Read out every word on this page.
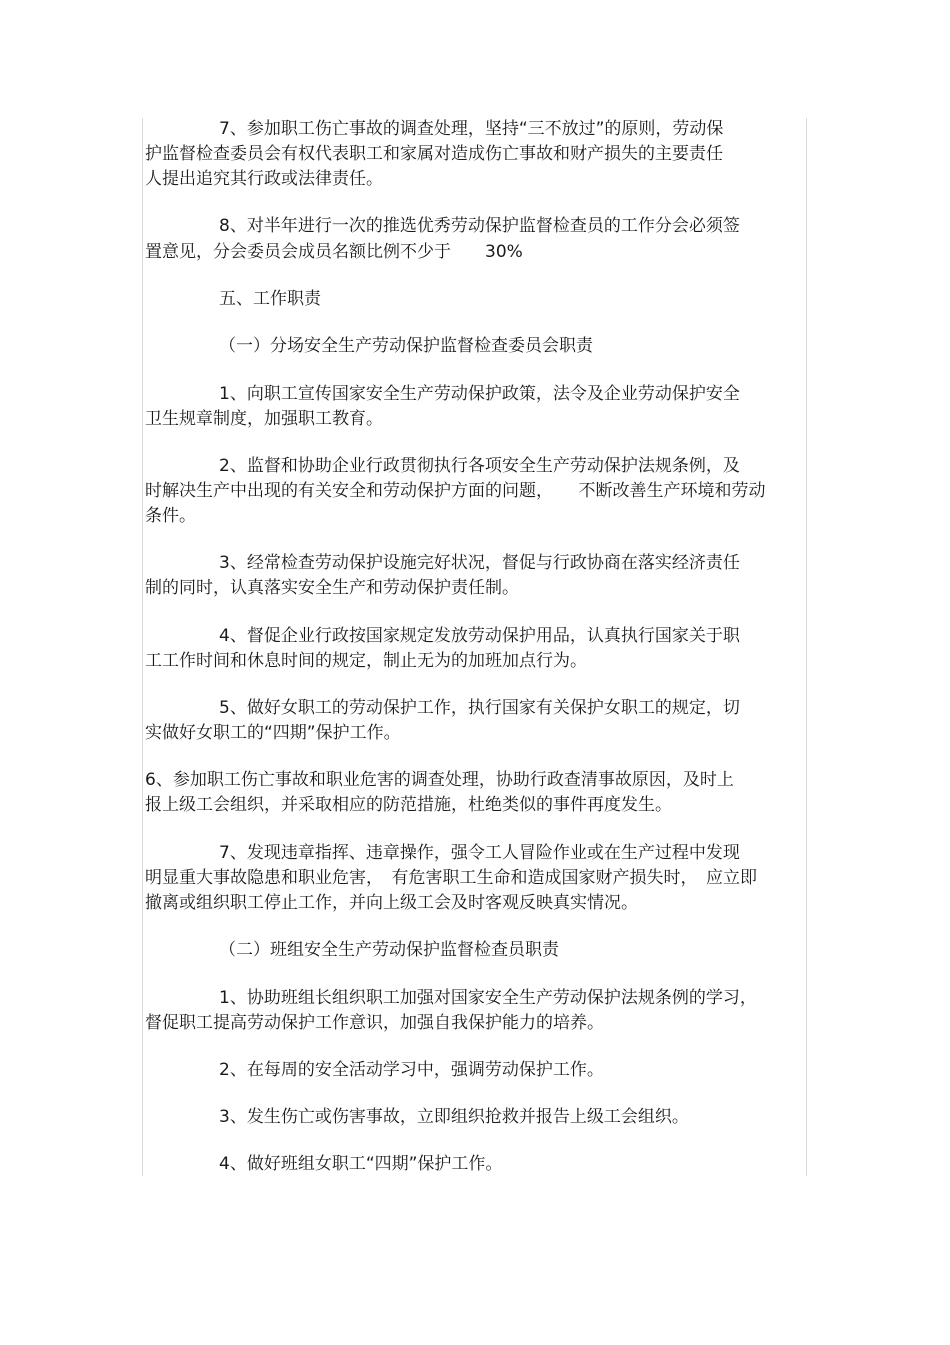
7、参加职工伤亡事故的调查处理，坚持“三不放过”的原则，劳动保
护监督检查委员会有权代表职工和家属对造成伤亡事故和财产损失的主要责任
人提出追究其行政或法律责任。
8、对半年进行一次的推选优秀劳动保护监督检查员的工作分会必须签
置意见，分会委员会成员名额比例不少于　　30%
五、工作职责
（一）分场安全生产劳动保护监督检查委员会职责
1、向职工宣传国家安全生产劳动保护政策，法令及企业劳动保护安全
卫生规章制度，加强职工教育。
2、监督和协助企业行政贯彻执行各项安全生产劳动保护法规条例，及
时解决生产中出现的有关安全和劳动保护方面的问题，　　不断改善生产环境和劳动
条件。
3、经常检查劳动保护设施完好状况，督促与行政协商在落实经济责任
制的同时，认真落实安全生产和劳动保护责任制。
4、督促企业行政按国家规定发放劳动保护用品，认真执行国家关于职
工工作时间和休息时间的规定，制止无为的加班加点行为。
5、做好女职工的劳动保护工作，执行国家有关保护女职工的规定，切
实做好女职工的“四期”保护工作。
6、参加职工伤亡事故和职业危害的调查处理，协助行政查清事故原因，及时上
报上级工会组织，并采取相应的防范措施，杜绝类似的事件再度发生。
7、发现违章指挥、违章操作，强令工人冒险作业或在生产过程中发现
明显重大事故隐患和职业危害，　有危害职工生命和造成国家财产损失时，　应立即
撤离或组织职工停止工作，并向上级工会及时客观反映真实情况。
（二）班组安全生产劳动保护监督检查员职责
1、协助班组长组织职工加强对国家安全生产劳动保护法规条例的学习，
督促职工提高劳动保护工作意识，加强自我保护能力的培养。
2、在每周的安全活动学习中，强调劳动保护工作。
3、发生伤亡或伤害事故，立即组织抢救并报告上级工会组织。
4、做好班组女职工“四期”保护工作。
